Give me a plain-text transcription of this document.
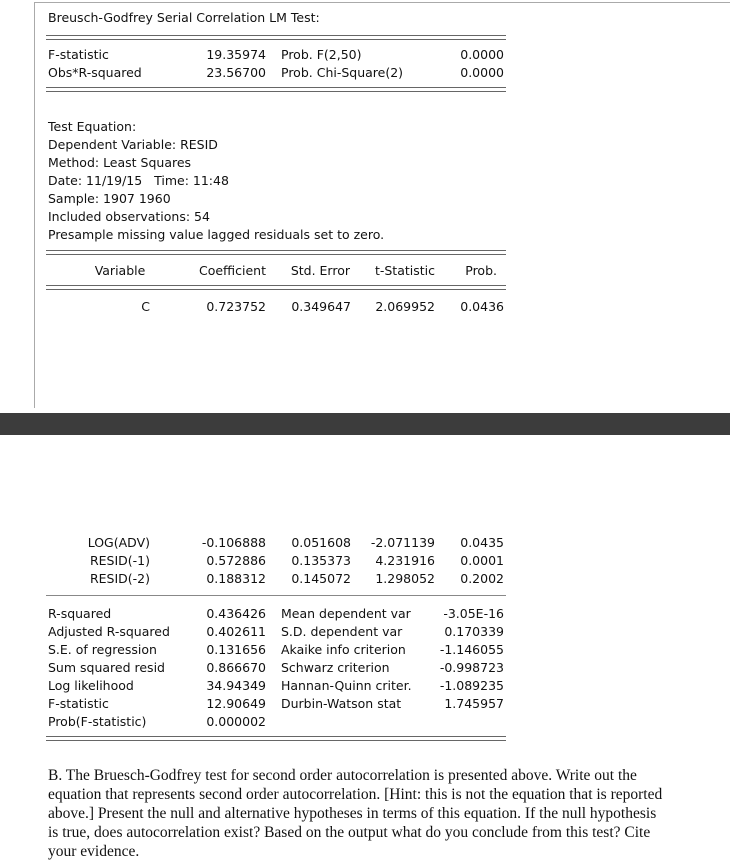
Breusch-Godfrey Serial Correlation LM Test:
F-statistic	19.35974 Prob. F(2,50)	0.0000
Obs*R-squared	23.56700 Prob. Chi-Square(2)	0.0000
Test Equation:
Dependent Variable: RESID
Method: Least Squares
Date: 11/19/15   Time: 11:48
Sample: 1907 1960
Included observations: 54
Presample missing value lagged residuals set to zero.
Variable	Coefficient	Std. Error	t-Statistic	Prob.
C	0.723752	0.349647	2.069952	0.0436
LOG(ADV)	-0.106888	0.051608	-2.071139	0.0435
RESID(-1)	0.572886	0.135373	4.231916	0.0001
RESID(-2)	0.188312	0.145072	1.298052	0.2002
R-squared	0.436426 Mean dependent var	-3.05E-16
Adjusted R-squared	0.402611 S.D. dependent var	0.170339
S.E. of regression	0.131656 Akaike info criterion	-1.146055
Sum squared resid	0.866670 Schwarz criterion	-0.998723
Log likelihood	34.94349 Hannan-Quinn criter.	-1.089235
F-statistic	12.90649 Durbin-Watson stat	1.745957
Prob(F-statistic)	0.000002
B. The Bruesch-Godfrey test for second order autocorrelation is presented above. Write out the equation that represents second order autocorrelation. [Hint: this is not the equation that is reported above.] Present the null and alternative hypotheses in terms of this equation. If the null hypothesis is true, does autocorrelation exist? Based on the output what do you conclude from this test? Cite your evidence.
